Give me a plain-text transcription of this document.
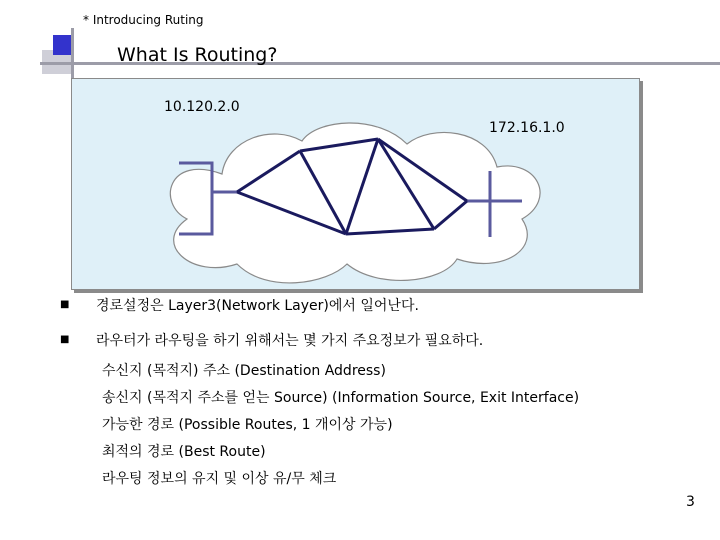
* Introducing Ruting
What Is Routing?
10.120.2.0
172.16.1.0
■ 경로설정은 Layer3(Network Layer)에서 일어난다.
■ 라우터가 라우팅을 하기 위해서는 몇 가지 주요정보가 필요하다.
수신지 (목적지) 주소 (Destination Address)
송신지 (목적지 주소를 얻는 Source) (Information Source, Exit Interface)
가능한 경로 (Possible Routes, 1 개이상 가능)
최적의 경로 (Best Route)
라우팅 정보의 유지 및 이상 유/무 체크
3
